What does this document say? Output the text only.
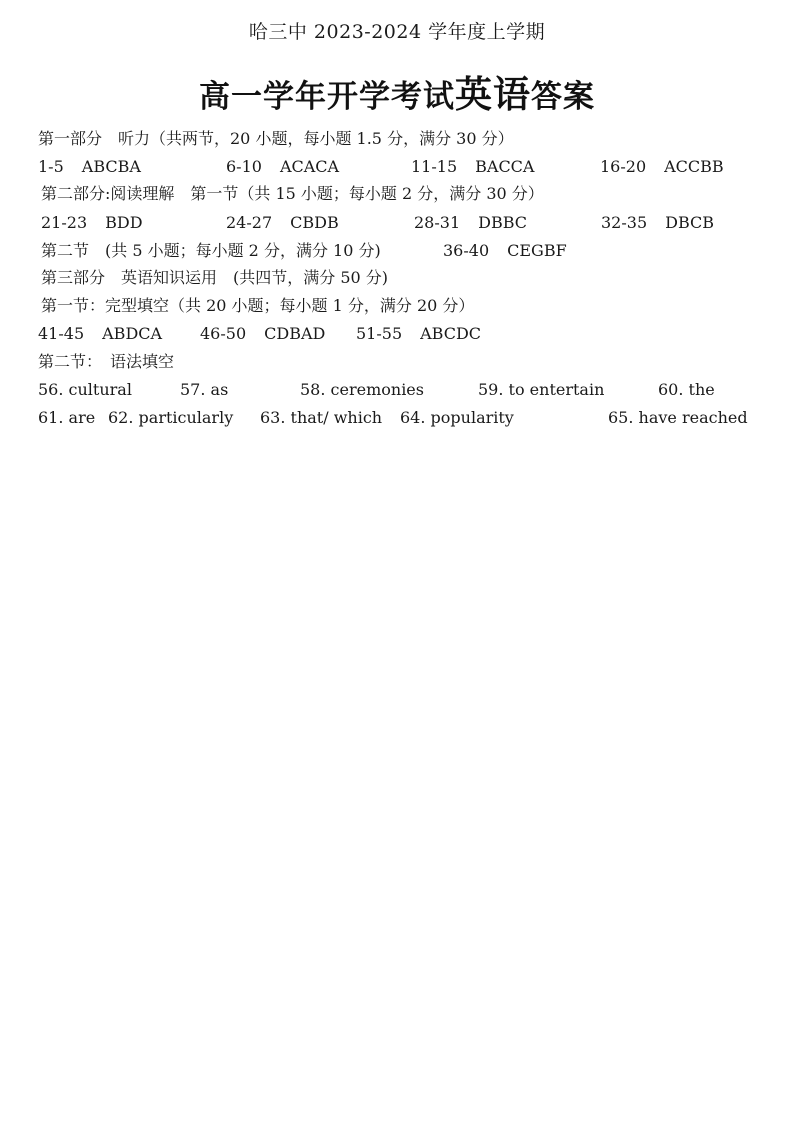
哈三中 2023-2024 学年度上学期
高一学年开学考试英语答案
第一部分　听力（共两节，20 小题，每小题 1.5 分，满分 30 分）
1-5 ABCBA	6-10 ACACA	11-15 BACCA	16-20 ACCBB
第二部分:阅读理解　第一节（共 15 小题；每小题 2 分，满分 30 分）
21-23 BDD	24-27 CBDB	28-31 DBBC	32-35 DBCB
第二节　(共 5 小题；每小题 2 分，满分 10 分)	36-40 CEGBF
第三部分　英语知识运用　(共四节，满分 50 分)
第一节：完型填空（共 20 小题；每小题 1 分，满分 20 分）
41-45 ABDCA 46-50 CDBAD 51-55 ABCDC
第二节：　语法填空
56. cultural	57. as	58. ceremonies	59. to entertain	60. the
61. are 62. particularly 63. that/ which 64. popularity	65. have reached
